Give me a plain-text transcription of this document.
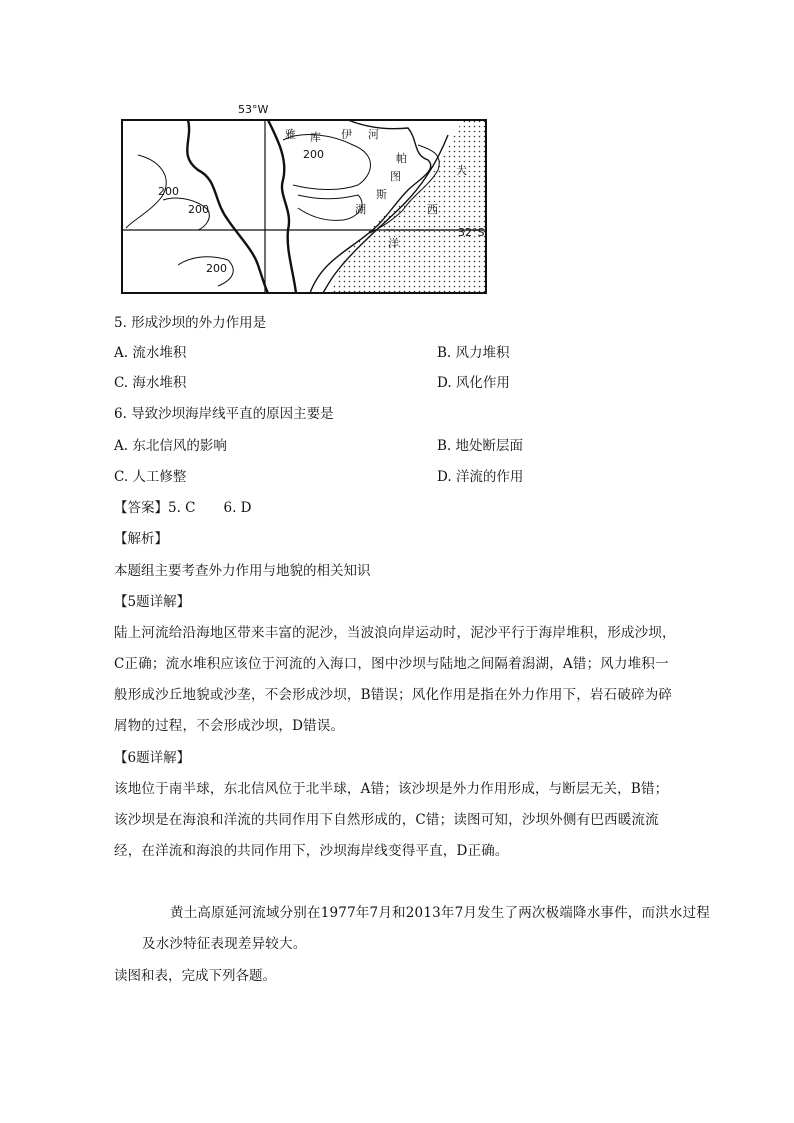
53°W
32°S
200
200
200
200
雅 库 伊 河
帕
图
斯
湖
大
西
洋
5. 形成沙坝的外力作用是
A. 流水堆积	B. 风力堆积
C. 海水堆积	D. 风化作用
6. 导致沙坝海岸线平直的原因主要是
A. 东北信风的影响	B. 地处断层面
C. 人工修整	D. 洋流的作用
【答案】5. C 6. D
【解析】
本题组主要考查外力作用与地貌的相关知识
【5题详解】
陆上河流给沿海地区带来丰富的泥沙，当波浪向岸运动时，泥沙平行于海岸堆积，形成沙坝，C正确；流水堆积应该位于河流的入海口，图中沙坝与陆地之间隔着潟湖，A错；风力堆积一般形成沙丘地貌或沙垄，不会形成沙坝，B错误；风化作用是指在外力作用下，岩石破碎为碎屑物的过程，不会形成沙坝，D错误。
【6题详解】
该地位于南半球，东北信风位于北半球，A错；该沙坝是外力作用形成，与断层无关，B错；该沙坝是在海浪和洋流的共同作用下自然形成的，C错；读图可知，沙坝外侧有巴西暖流流经，在洋流和海浪的共同作用下，沙坝海岸线变得平直，D正确。
黄土高原延河流域分别在1977年7月和2013年7月发生了两次极端降水事件，而洪水过程及水沙特征表现差异较大。
读图和表，完成下列各题。
